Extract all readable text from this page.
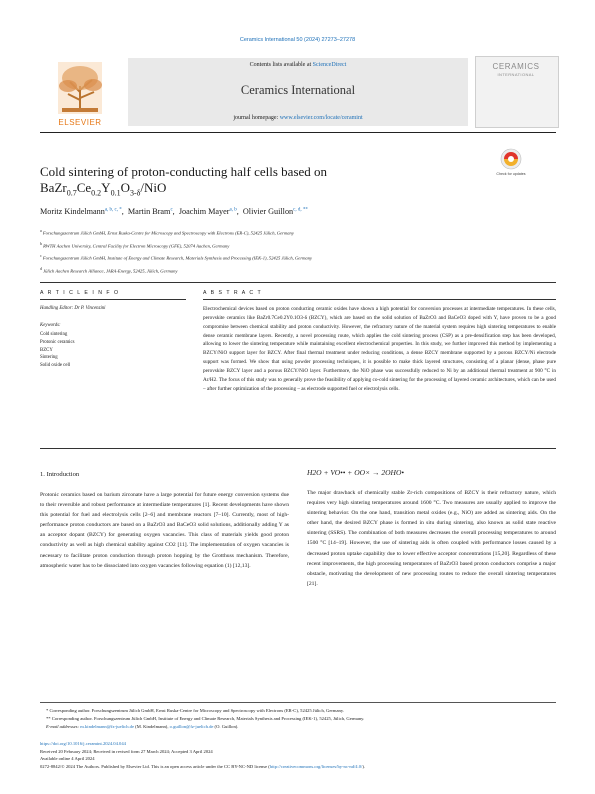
Ceramics International 50 (2024) 27273–27278
Contents lists available at ScienceDirect
Ceramics International
journal homepage: www.elsevier.com/locate/ceramint
ELSEVIER
CERAMICS
INTERNATIONAL
Cold sintering of proton-conducting half cells based on
$BaZr_{0.7}Ce_{0.2}Y_{0.1}O_{3-\delta}$/NiO
Check for updates
Moritz Kindelmann$^{a, b, c, *}$,  Martin Bram$^c$,  Joachim Mayer$^{a, b}$,  Olivier Guillon$^{c, d, **}$
$^a$ Forschungszentrum Jülich GmbH, Ernst Ruska-Centre for Microscopy and Spectroscopy with Electrons (ER-C), 52425 Jülich, Germany
$^b$ RWTH Aachen University, Central Facility for Electron Microscopy (GFE), 52074 Aachen, Germany
$^c$ Forschungszentrum Jülich GmbH, Institute of Energy and Climate Research, Materials Synthesis and Processing (IEK-1), 52425 Jülich, Germany
$^d$ Jülich Aachen Research Alliance, JARA-Energy, 52425, Jülich, Germany
A R T I C L E I N F O	A B S T R A C T
Handling Editor: Dr P. Vincenzini
Keywords:
Cold sintering
Protonic ceramics
BZCY
Sintering
Solid oxide cell
Electrochemical devices based on proton conducting ceramic oxides have shown a high potential for conversion processes at intermediate temperatures. In these cells, perovskite ceramics like BaZr0.7Ce0.2Y0.1O3-δ (BZCY), which are based on the solid solution of BaZrO3 and BaCeO3 doped with Y, have proven to be a good compromise between chemical stability and proton conductivity. However, the refractory nature of the material system requires high sintering temperatures to enable dense ceramic membrane layers. Recently, a novel processing route, which applies the cold sintering process (CSP) as a pre-densification step has been developed, allowing to lower the sintering temperature while maintaining excellent electrochemical properties. In this study, we further improved this method by implementing a BZCY/NiO support layer for BZCY. After final thermal treatment under reducing conditions, a dense BZCY membrane supported by a porous BZCY/Ni electrode support was formed. We show that using powder processing techniques, it is possible to make thick layered structures, consisting of a planar (dense, phase pure perovskite BZCY layer and a porous BZCY/NiO layer. Furthermore, the NiO phase was successfully reduced to Ni by an additional thermal treatment at 900 °C in Ar/H2. The focus of this study was to generally prove the feasibility of applying co-cold sintering for the processing of layered ceramic architectures, which can be used – after further optimization of the processing – as electrode supported fuel or electrolysis cells.
1. Introduction

Protonic ceramics based on barium zirconate have a large potential for future energy conversion systems due to their reversible and robust performance at intermediate temperatures [1]. Recent developments have shown this potential for fuel and electrolysis cells [2–6] and membrane reactors [7–10]. Currently, most of high-performance proton conductors are based on a BaZrO3 and BaCeO3 solid solutions, additionally adding Y as an acceptor dopant (BZCY) for generating oxygen vacancies. This class of materials yields good proton conductivity as well as high chemical stability against CO2 [11]. The implementation of oxygen vacancies is necessary to facilitate proton conduction through proton hopping by the Grotthuss mechanism. Therefore, atmospheric water has to be dissociated into oxygen vacancies following equation (1) [12,13].

H2O + VO•• + OO× → 2OHO•

The major drawback of chemically stable Zr-rich compositions of BZCY is their refractory nature, which requires very high sintering temperatures around 1600 °C. Two measures are usually applied to improve the sintering behavior. On the one hand, transition metal oxides (e.g., NiO) are added as sintering aids. On the other hand, the desired BZCY phase is formed in situ during sintering, also known as solid state reactive sintering (SSRS). The combination of both measures decreases the overall processing temperatures to around 1500 °C [14–19]. However, the use of sintering aids is often coupled with performance losses caused by a decreased proton uptake capability due to lower effective acceptor concentrations [15,20]. Regardless of these recent improvements, the high processing temperatures of BaZrO3 based proton conductors comprise a major obstacle, motivating the development of new processing routes to reduce the overall sintering temperatures [21].

* Corresponding author. Forschungszentrum Jülich GmbH, Ernst Ruska-Centre for Microscopy and Spectroscopy with Electrons (ER-C), 52425 Jülich, Germany.
** Corresponding author. Forschungszentrum Jülich GmbH, Institute of Energy and Climate Research, Materials Synthesis and Processing (IEK-1), 52425, Jülich, Germany.
E-mail addresses: m.kindelmann@fz-juelich.de (M. Kindelmann), o.guillon@fz-juelich.de (O. Guillon).
https://doi.org/10.1016/j.ceramint.2024.04.044
Received 20 February 2024; Received in revised form 27 March 2024; Accepted 3 April 2024
Available online 4 April 2024
0272-8842/© 2024 The Authors. Published by Elsevier Ltd. This is an open access article under the CC BY-NC-ND license (http://creativecommons.org/licenses/by-nc-nd/4.0/).
